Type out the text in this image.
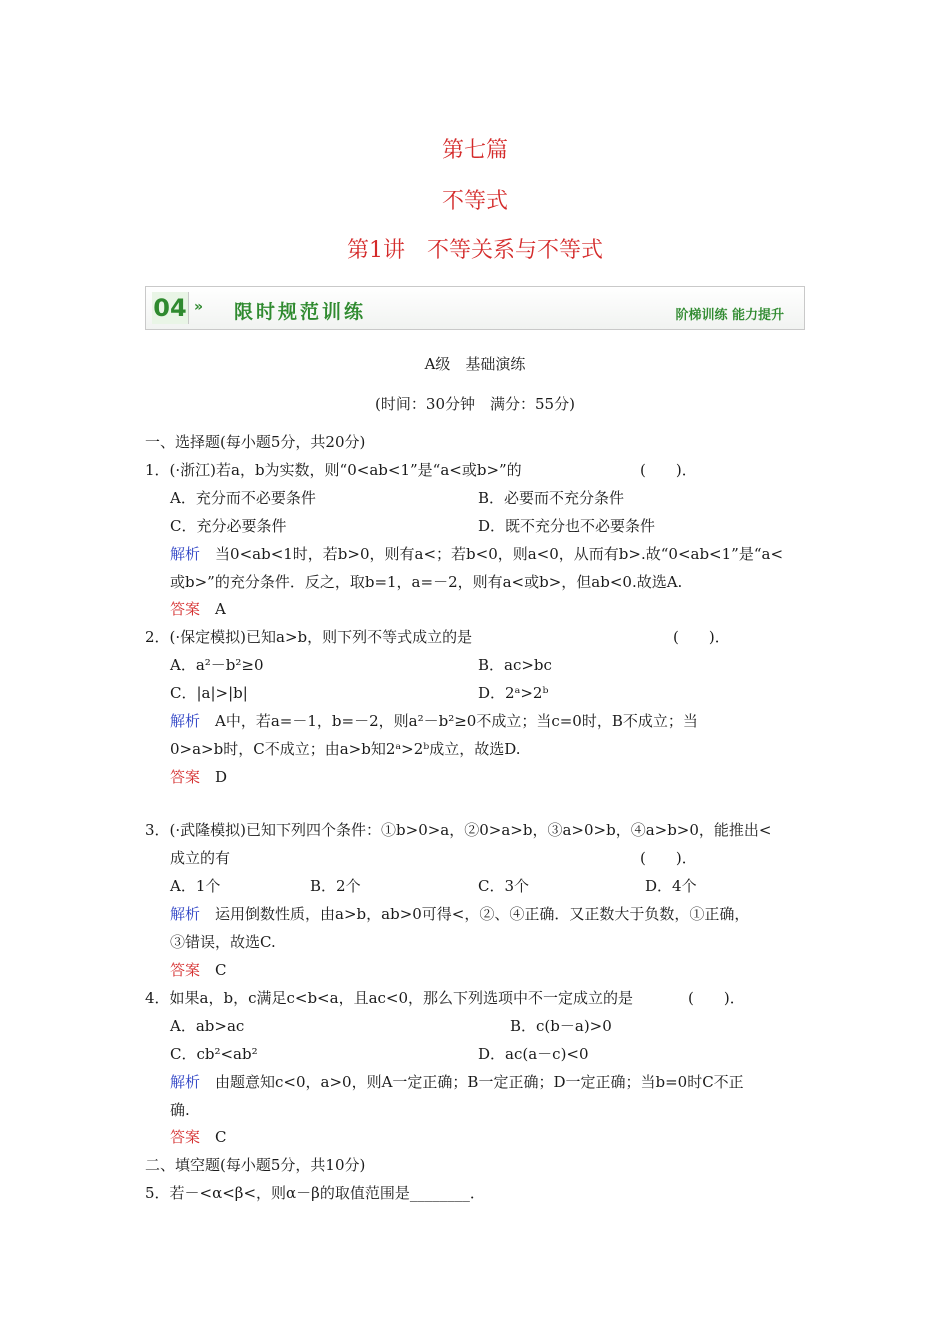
第七篇
不等式
第1讲　不等关系与不等式
04 » 限时规范训练	阶梯训练 能力提升
A级　基础演练
(时间：30分钟　满分：55分)
一、选择题(每小题5分，共20分)
1．(·浙江)若a，b为实数，则“0<ab<1”是“a<或b>”的	(　　)．
A．充分而不必要条件	B．必要而不充分条件
C．充分必要条件	D．既不充分也不必要条件
解析　 当0<ab<1时，若b>0，则有a<；若b<0，则a<0，从而有b>.故“0<ab<1”是“a<
或b>”的充分条件．反之，取b=1，a=－2，则有a<或b>，但ab<0.故选A.
答案　 A
2．(·保定模拟)已知a>b，则下列不等式成立的是	(　　)．
A．a²－b²≥0	B．ac>bc
C．|a|>|b|	D．2ᵃ>2ᵇ
解析　 A中，若a=－1，b=－2，则a²－b²≥0不成立；当c=0时，B不成立；当
0>a>b时，C不成立；由a>b知2ᵃ>2ᵇ成立，故选D.
答案　 D
3．(·武隆模拟)已知下列四个条件：①b>0>a，②0>a>b，③a>0>b，④a>b>0，能推出<
成立的有	(　　)．
A．1个	B．2个	C．3个	D．4个
解析　 运用倒数性质，由a>b，ab>0可得<，②、④正确．又正数大于负数，①正确，
③错误，故选C.
答案　 C
4．如果a，b，c满足c<b<a，且ac<0，那么下列选项中不一定成立的是	(　　)．
A．ab>ac	B．c(b－a)>0
C．cb²<ab²	D．ac(a－c)<0
解析　 由题意知c<0，a>0，则A一定正确；B一定正确；D一定正确；当b=0时C不正
确.
答案　 C
二、填空题(每小题5分，共10分)
5．若－<α<β<，则α－β的取值范围是________．
